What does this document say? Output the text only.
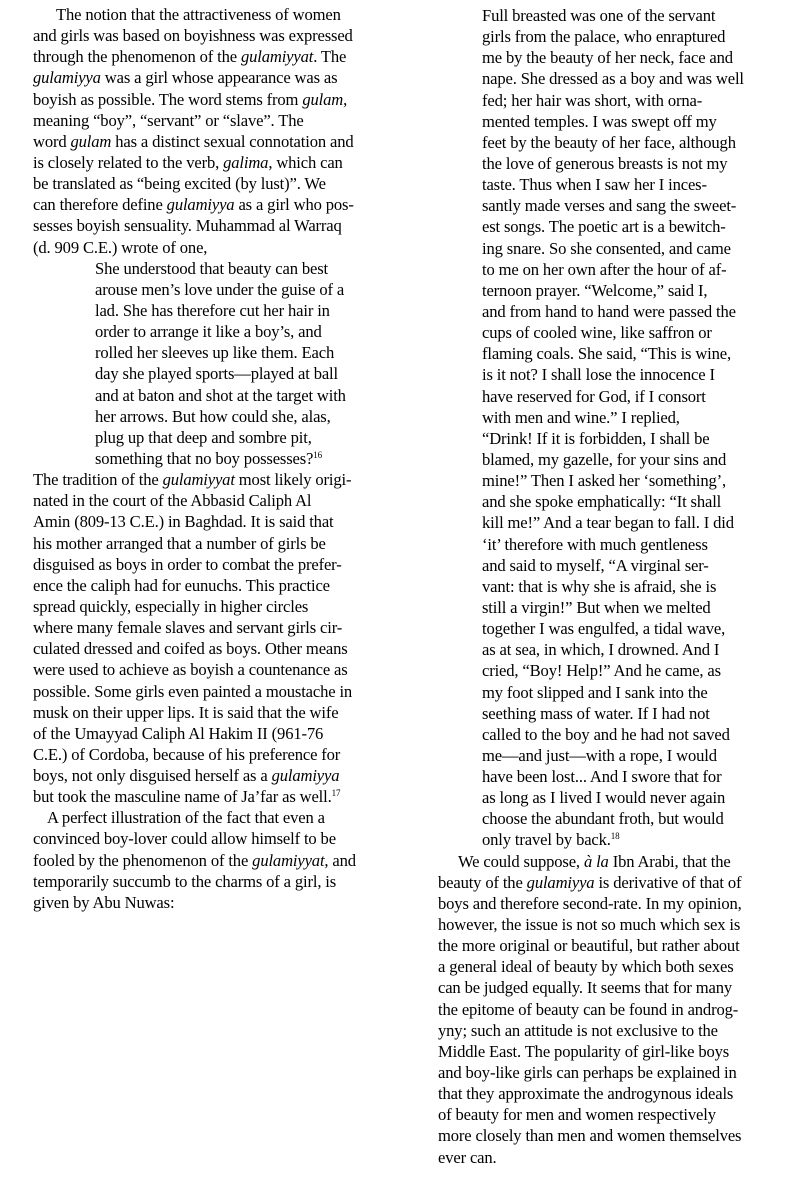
The notion that the attractiveness of women
and girls was based on boyishness was expressed
through the phenomenon of the gulamiyyat. The
gulamiyya was a girl whose appearance was as
boyish as possible. The word stems from gulam,
meaning “boy”, “servant” or “slave”. The
word gulam has a distinct sexual connotation and
is closely related to the verb, galima, which can
be translated as “being excited (by lust)”. We
can therefore define gulamiyya as a girl who pos-
sesses boyish sensuality. Muhammad al Warraq
(d. 909 C.E.) wrote of one,
She understood that beauty can best
arouse men’s love under the guise of a
lad. She has therefore cut her hair in
order to arrange it like a boy’s, and
rolled her sleeves up like them. Each
day she played sports—played at ball
and at baton and shot at the target with
her arrows. But how could she, alas,
plug up that deep and sombre pit,
something that no boy possesses?$^{16}$
The tradition of the gulamiyyat most likely origi-
nated in the court of the Abbasid Caliph Al
Amin (809-13 C.E.) in Baghdad. It is said that
his mother arranged that a number of girls be
disguised as boys in order to combat the prefer-
ence the caliph had for eunuchs. This practice
spread quickly, especially in higher circles
where many female slaves and servant girls cir-
culated dressed and coifed as boys. Other means
were used to achieve as boyish a countenance as
possible. Some girls even painted a moustache in
musk on their upper lips. It is said that the wife
of the Umayyad Caliph Al Hakim II (961-76
C.E.) of Cordoba, because of his preference for
boys, not only disguised herself as a gulamiyya
but took the masculine name of Ja’far as well.$^{17}$
A perfect illustration of the fact that even a
convinced boy-lover could allow himself to be
fooled by the phenomenon of the gulamiyyat, and
temporarily succumb to the charms of a girl, is
given by Abu Nuwas:
Full breasted was one of the servant
girls from the palace, who enraptured
me by the beauty of her neck, face and
nape. She dressed as a boy and was well
fed; her hair was short, with orna-
mented temples. I was swept off my
feet by the beauty of her face, although
the love of generous breasts is not my
taste. Thus when I saw her I inces-
santly made verses and sang the sweet-
est songs. The poetic art is a bewitch-
ing snare. So she consented, and came
to me on her own after the hour of af-
ternoon prayer. “Welcome,” said I,
and from hand to hand were passed the
cups of cooled wine, like saffron or
flaming coals. She said, “This is wine,
is it not? I shall lose the innocence I
have reserved for God, if I consort
with men and wine.” I replied,
“Drink! If it is forbidden, I shall be
blamed, my gazelle, for your sins and
mine!” Then I asked her ‘something’,
and she spoke emphatically: “It shall
kill me!” And a tear began to fall. I did
‘it’ therefore with much gentleness
and said to myself, “A virginal ser-
vant: that is why she is afraid, she is
still a virgin!” But when we melted
together I was engulfed, a tidal wave,
as at sea, in which, I drowned. And I
cried, “Boy! Help!” And he came, as
my foot slipped and I sank into the
seething mass of water. If I had not
called to the boy and he had not saved
me—and just—with a rope, I would
have been lost... And I swore that for
as long as I lived I would never again
choose the abundant froth, but would
only travel by back.$^{18}$
We could suppose, à la Ibn Arabi, that the
beauty of the gulamiyya is derivative of that of
boys and therefore second-rate. In my opinion,
however, the issue is not so much which sex is
the more original or beautiful, but rather about
a general ideal of beauty by which both sexes
can be judged equally. It seems that for many
the epitome of beauty can be found in androg-
yny; such an attitude is not exclusive to the
Middle East. The popularity of girl-like boys
and boy-like girls can perhaps be explained in
that they approximate the androgynous ideals
of beauty for men and women respectively
more closely than men and women themselves
ever can.
